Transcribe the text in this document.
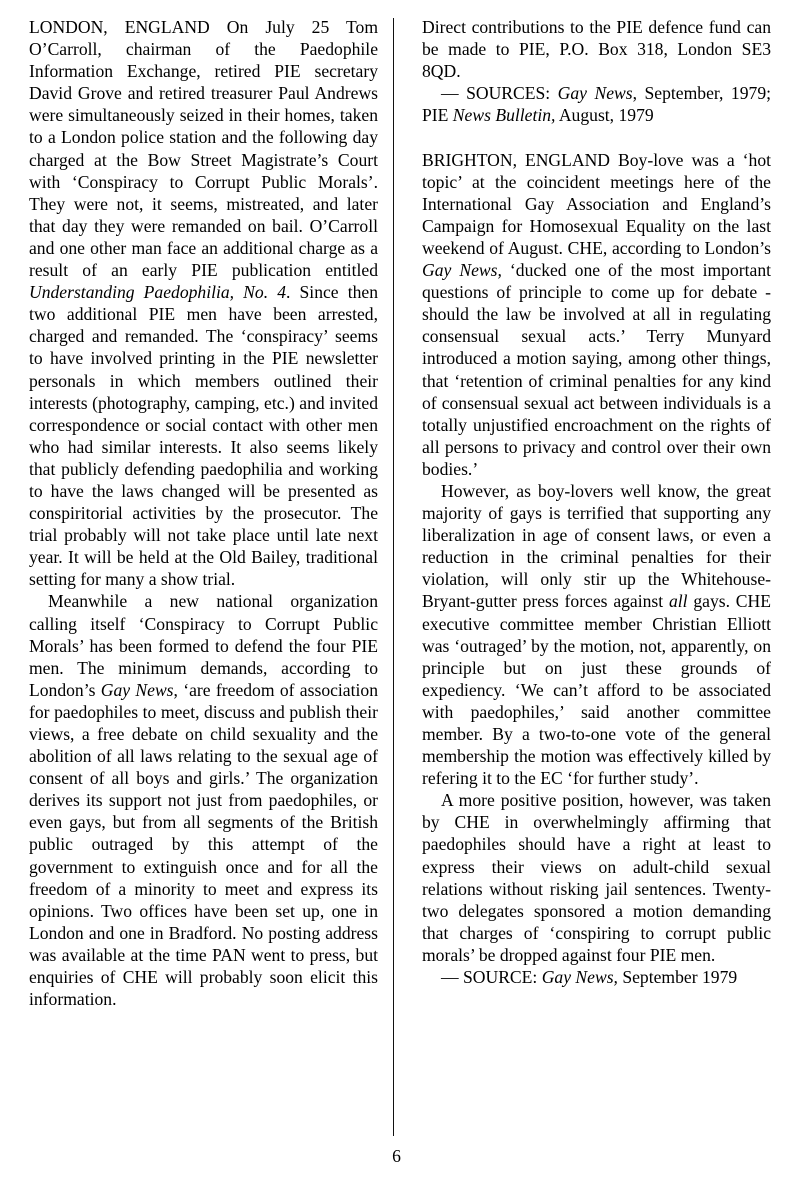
LONDON, ENGLAND On July 25 Tom O’Carroll, chairman of the Paedophile Information Exchange, retired PIE secretary David Grove and retired treasurer Paul Andrews were simultaneously seized in their homes, taken to a London police station and the following day charged at the Bow Street Magistrate’s Court with ‘Conspiracy to Corrupt Public Morals’. They were not, it seems, mistreated, and later that day they were remanded on bail. O’Carroll and one other man face an additional charge as a result of an early PIE publication entitled Understanding Paedophilia, No. 4. Since then two additional PIE men have been arrested, charged and remanded. The ‘conspiracy’ seems to have involved printing in the PIE newsletter personals in which members outlined their interests (photography, camping, etc.) and invited correspondence or social contact with other men who had similar interests. It also seems likely that publicly defending paedophilia and working to have the laws changed will be presented as conspiritorial activities by the prosecutor. The trial probably will not take place until late next year. It will be held at the Old Bailey, traditional setting for many a show trial.

Meanwhile a new national organization calling itself ‘Conspiracy to Corrupt Public Morals’ has been formed to defend the four PIE men. The minimum demands, according to London’s Gay News, ‘are freedom of association for paedophiles to meet, discuss and publish their views, a free debate on child sexuality and the abolition of all laws relating to the sexual age of consent of all boys and girls.’ The organization derives its support not just from paedophiles, or even gays, but from all segments of the British public outraged by this attempt of the government to extinguish once and for all the freedom of a minority to meet and express its opinions. Two offices have been set up, one in London and one in Bradford. No posting address was available at the time PAN went to press, but enquiries of CHE will probably soon elicit this information.

Direct contributions to the PIE defence fund can be made to PIE, P.O. Box 318, London SE3 8QD.

— SOURCES: Gay News, September, 1979; PIE News Bulletin, August, 1979

BRIGHTON, ENGLAND Boy-love was a ‘hot topic’ at the coincident meetings here of the International Gay Association and England’s Campaign for Homosexual Equality on the last weekend of August. CHE, according to London’s Gay News, ‘ducked one of the most important questions of principle to come up for debate - should the law be involved at all in regulating consensual sexual acts.’ Terry Munyard introduced a motion saying, among other things, that ‘retention of criminal penalties for any kind of consensual sexual act between individuals is a totally unjustified encroachment on the rights of all persons to privacy and control over their own bodies.’

However, as boy-lovers well know, the great majority of gays is terrified that supporting any liberalization in age of consent laws, or even a reduction in the criminal penalties for their violation, will only stir up the Whitehouse-Bryant-gutter press forces against all gays. CHE executive committee member Christian Elliott was ‘outraged’ by the motion, not, apparently, on principle but on just these grounds of expediency. ‘We can’t afford to be associated with paedophiles,’ said another committee member. By a two-to-one vote of the general membership the motion was effectively killed by refering it to the EC ‘for further study’.

A more positive position, however, was taken by CHE in overwhelmingly affirming that paedophiles should have a right at least to express their views on adult-child sexual relations without risking jail sentences. Twenty-two delegates sponsored a motion demanding that charges of ‘conspiring to corrupt public morals’ be dropped against four PIE men.

— SOURCE: Gay News, September 1979

6
